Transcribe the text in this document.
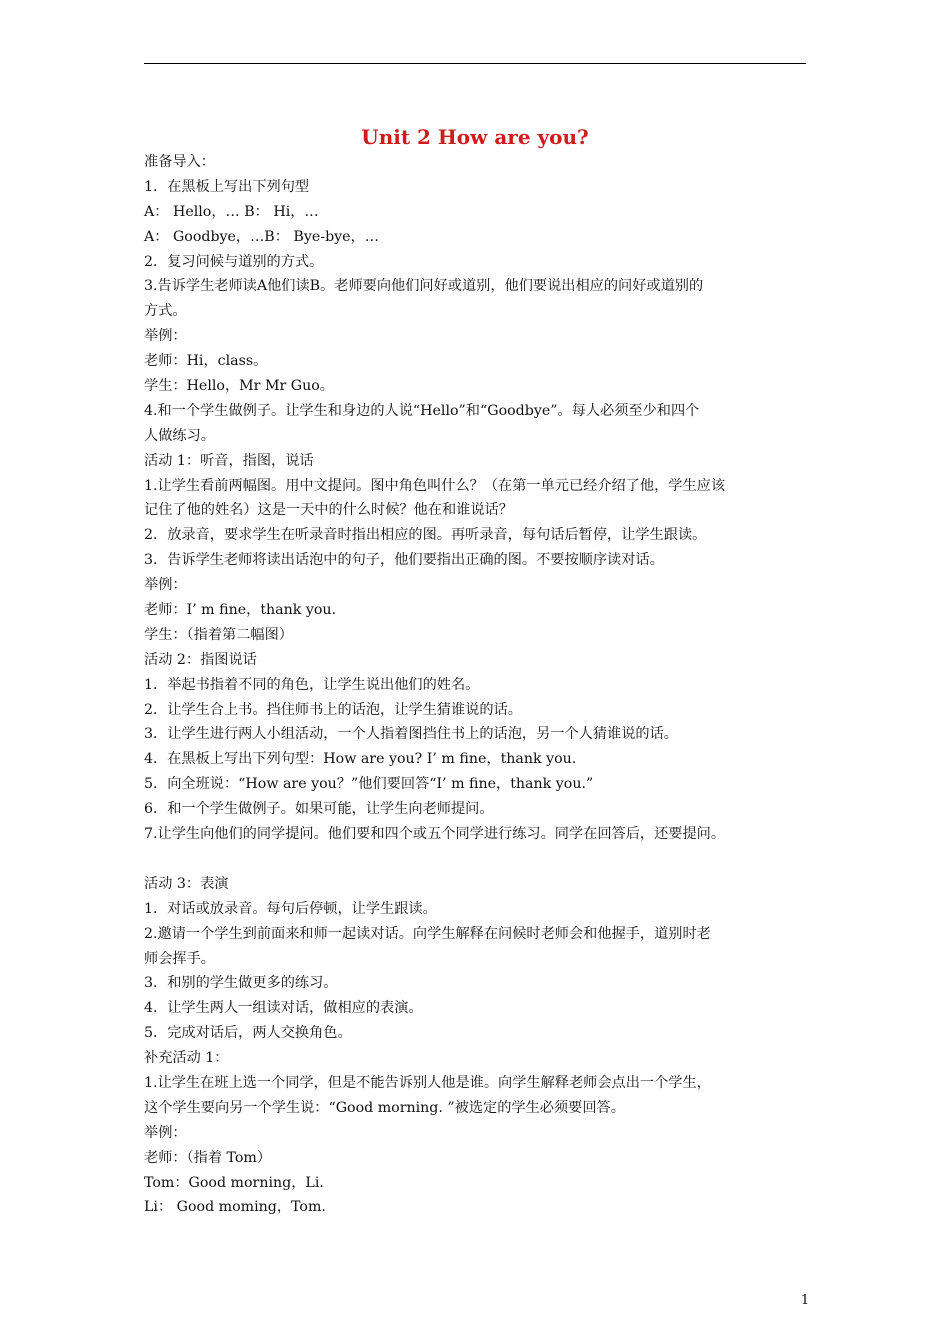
Unit 2 How are you?
准备导入：
1．在黑板上写出下列句型
A： Hello，… B： Hi，…
A： Goodbye，…B： Bye-bye，…
2．复习问候与道别的方式。
3.告诉学生老师读A他们读B。老师要向他们问好或道别，他们要说出相应的问好或道别的
方式。
举例：
老师：Hi，class。
学生：Hello，Mr Mr Guo。
4.和一个学生做例子。让学生和身边的人说“Hello”和“Goodbye”。每人必须至少和四个
人做练习。
活动 1：听音，指图，说话
1.让学生看前两幅图。用中文提问。图中角色叫什么？（在第一单元已经介绍了他，学生应该
记住了他的姓名）这是一天中的什么时候？他在和谁说话？
2．放录音，要求学生在听录音时指出相应的图。再听录音，每句话后暂停，让学生跟读。
3．告诉学生老师将读出话泡中的句子，他们要指出正确的图。不要按顺序读对话。
举例：
老师：I’ m fine，thank you.
学生：（指着第二幅图）
活动 2：指图说话
1．举起书指着不同的角色，让学生说出他们的姓名。
2．让学生合上书。挡住师书上的话泡，让学生猜谁说的话。
3．让学生进行两人小组活动，一个人指着图挡住书上的话泡，另一个人猜谁说的话。
4．在黑板上写出下列句型：How are you? I’ m fine，thank you.
5．向全班说：“How are you？”他们要回答“I’ m fine，thank you.”
6．和一个学生做例子。如果可能，让学生向老师提问。
7.让学生向他们的同学提问。他们要和四个或五个同学进行练习。同学在回答后，还要提问。
活动 3：表演
1．对话或放录音。每句后停顿，让学生跟读。
2.邀请一个学生到前面来和师一起读对话。向学生解释在问候时老师会和他握手，道别时老
师会挥手。
3．和别的学生做更多的练习。
4．让学生两人一组读对话，做相应的表演。
5．完成对话后，两人交换角色。
补充活动 1：
1.让学生在班上选一个同学，但是不能告诉别人他是谁。向学生解释老师会点出一个学生，
这个学生要向另一个学生说：“Good morning. ”被选定的学生必须要回答。
举例：
老师：（指着 Tom）
Tom：Good morning，Li.
Li： Good moming，Tom.
1
